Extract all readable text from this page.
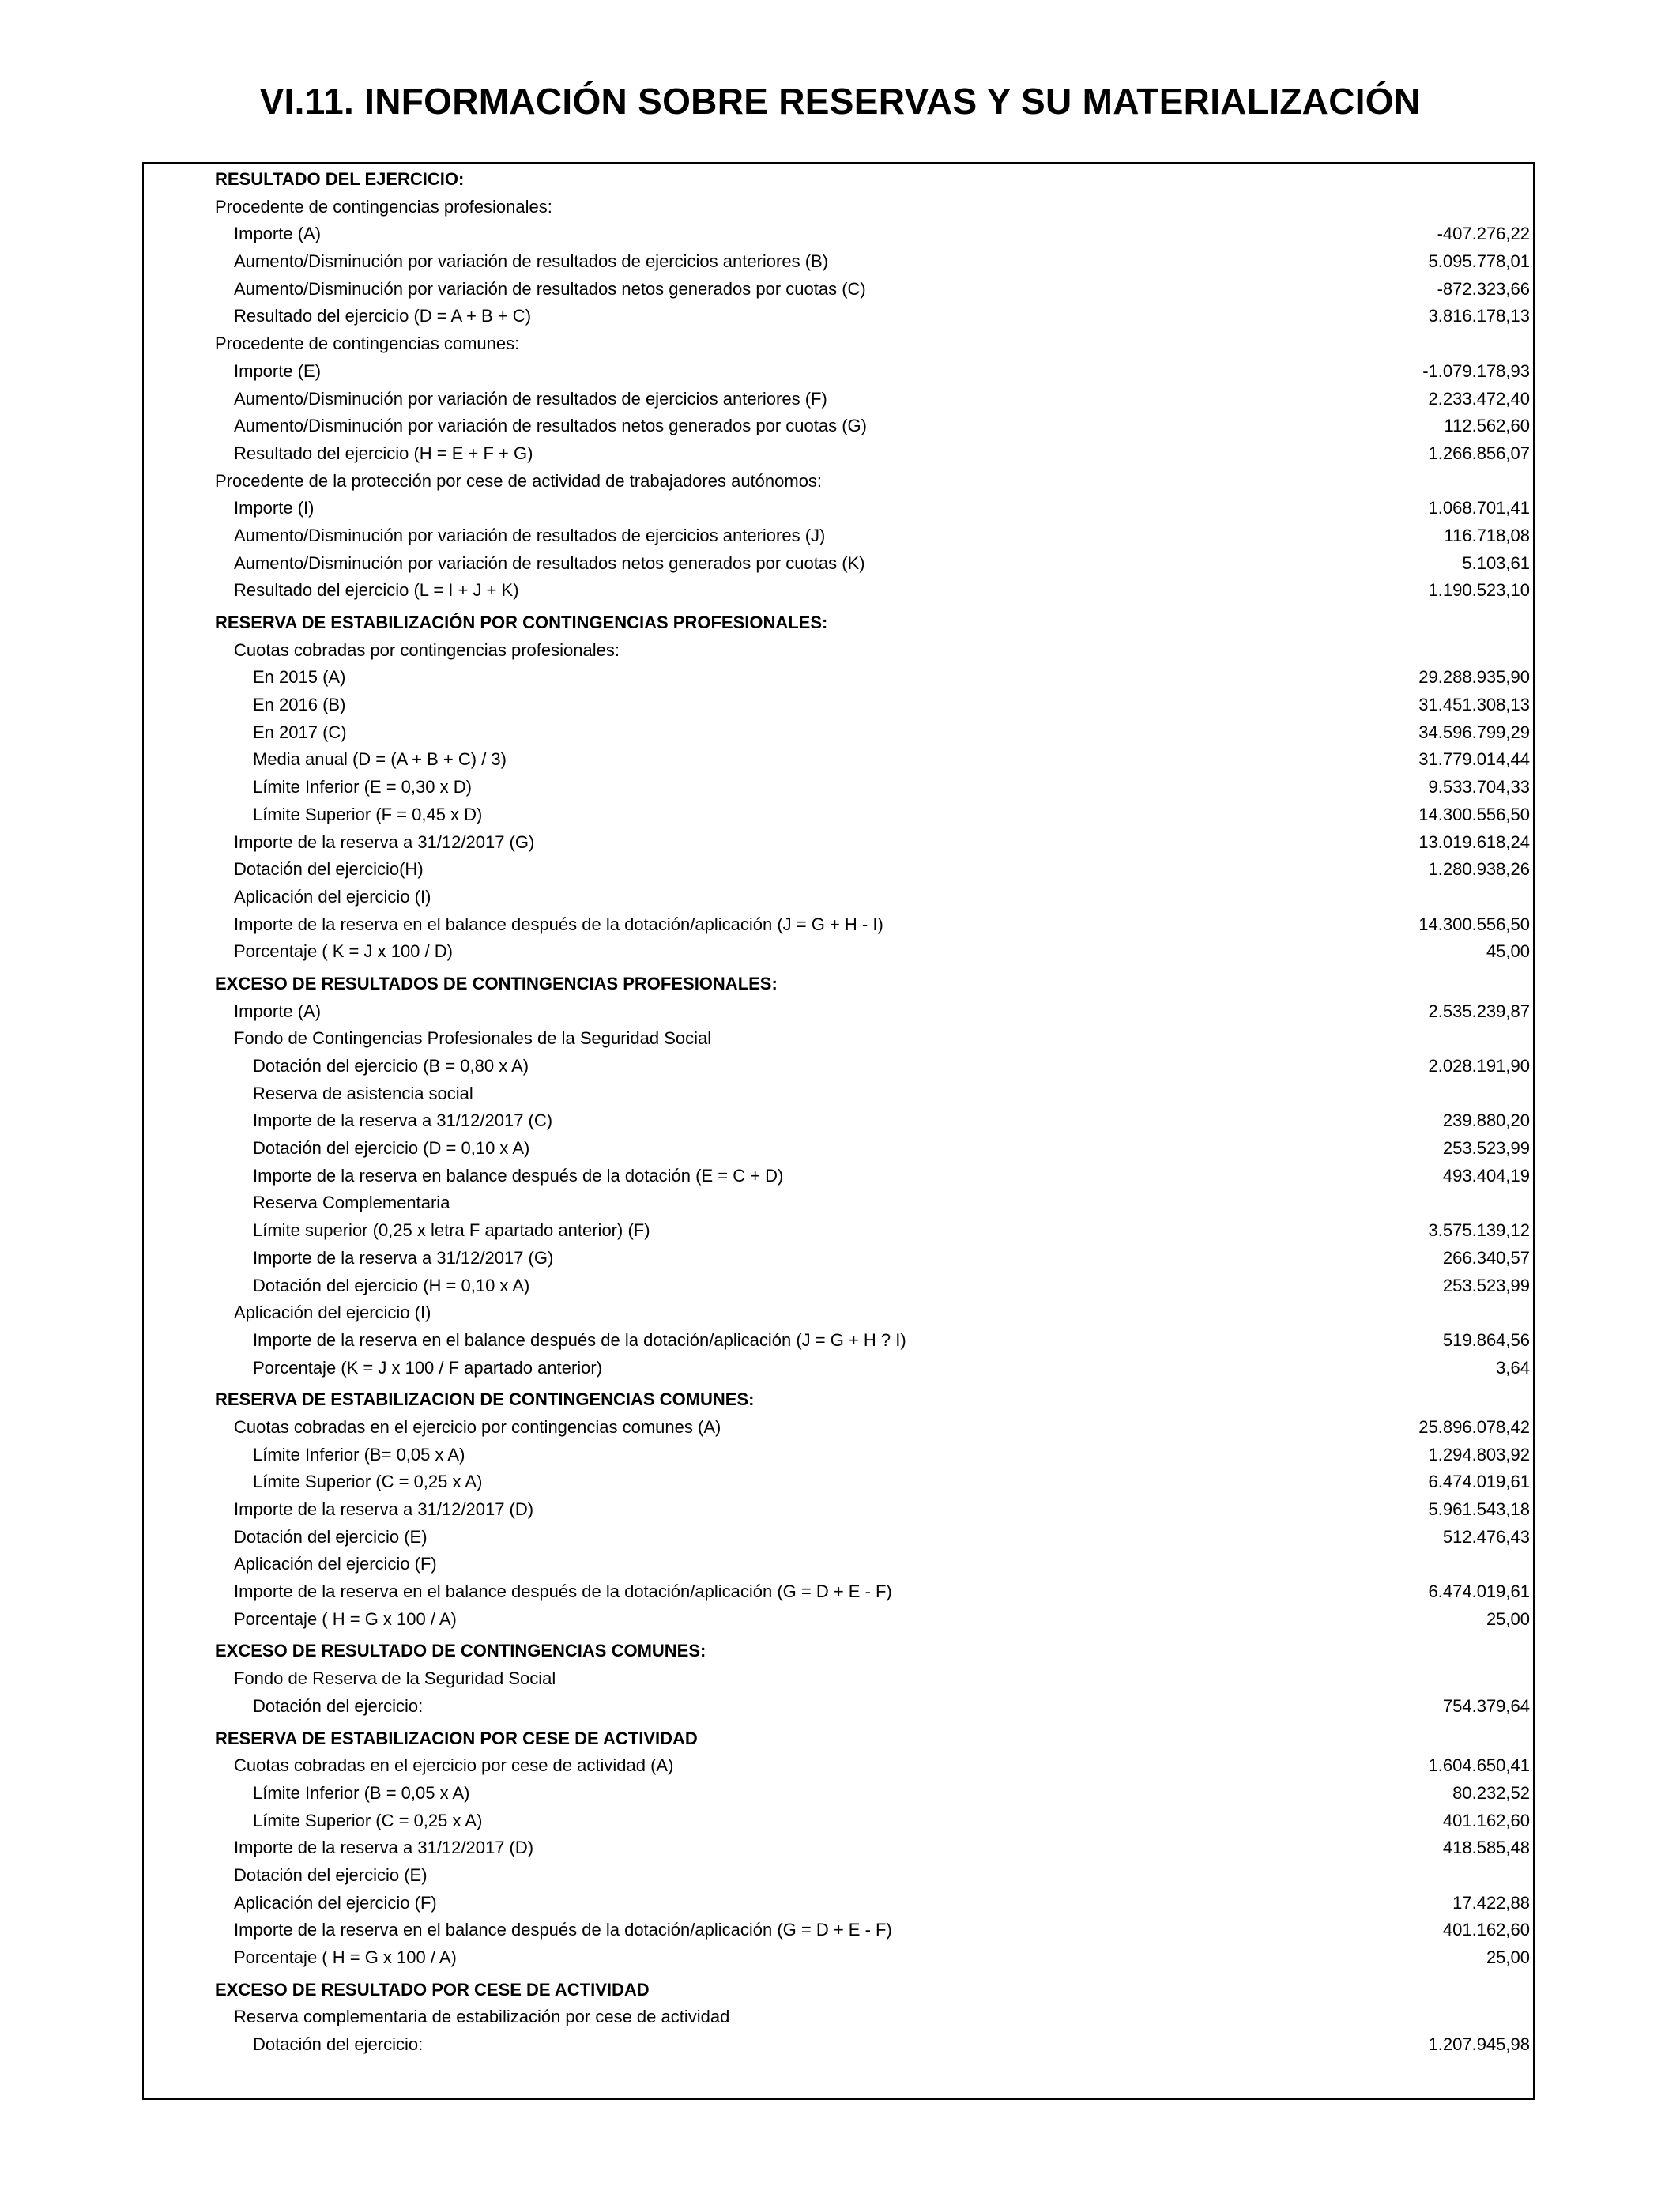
VI.11. INFORMACIÓN SOBRE RESERVAS Y SU MATERIALIZACIÓN
RESULTADO DEL EJERCICIO:
Procedente de contingencias profesionales:
Importe (A)	-407.276,22
Aumento/Disminución por variación de resultados de ejercicios anteriores (B)	5.095.778,01
Aumento/Disminución por variación de resultados netos generados por cuotas (C)	-872.323,66
Resultado del ejercicio (D = A + B + C)	3.816.178,13
Procedente de contingencias comunes:
Importe (E)	-1.079.178,93
Aumento/Disminución por variación de resultados de ejercicios anteriores (F)	2.233.472,40
Aumento/Disminución por variación de resultados netos generados por cuotas (G)	112.562,60
Resultado del ejercicio (H = E + F + G)	1.266.856,07
Procedente de la protección por cese de actividad de trabajadores autónomos:
Importe (I)	1.068.701,41
Aumento/Disminución por variación de resultados de ejercicios anteriores (J)	116.718,08
Aumento/Disminución por variación de resultados netos generados por cuotas (K)	5.103,61
Resultado del ejercicio (L = I + J + K)	1.190.523,10
RESERVA DE ESTABILIZACIÓN POR CONTINGENCIAS PROFESIONALES:
Cuotas cobradas por contingencias profesionales:
En 2015 (A)	29.288.935,90
En 2016 (B)	31.451.308,13
En 2017 (C)	34.596.799,29
Media anual (D = (A + B + C) / 3)	31.779.014,44
Límite Inferior (E = 0,30 x D)	9.533.704,33
Límite Superior (F = 0,45 x D)	14.300.556,50
Importe de la reserva a 31/12/2017 (G)	13.019.618,24
Dotación del ejercicio(H)	1.280.938,26
Aplicación del ejercicio (I)
Importe de la reserva en el balance después de la dotación/aplicación (J = G + H - I)	14.300.556,50
Porcentaje ( K = J x 100 / D)	45,00
EXCESO DE RESULTADOS DE CONTINGENCIAS PROFESIONALES:
Importe (A)	2.535.239,87
Fondo de Contingencias Profesionales de la Seguridad Social
Dotación del ejercicio (B = 0,80 x A)	2.028.191,90
Reserva de asistencia social
Importe de la reserva a 31/12/2017 (C)	239.880,20
Dotación del ejercicio (D = 0,10 x A)	253.523,99
Importe de la reserva en balance después de la dotación (E = C + D)	493.404,19
Reserva Complementaria
Límite superior (0,25 x letra F apartado anterior) (F)	3.575.139,12
Importe de la reserva a 31/12/2017 (G)	266.340,57
Dotación del ejercicio (H = 0,10 x A)	253.523,99
Aplicación del ejercicio (I)
Importe de la reserva en el balance después de la dotación/aplicación (J = G + H ? I)	519.864,56
Porcentaje (K = J x 100 / F apartado anterior)	3,64
RESERVA DE ESTABILIZACION DE CONTINGENCIAS COMUNES:
Cuotas cobradas en el ejercicio por contingencias comunes (A)	25.896.078,42
Límite Inferior (B= 0,05 x A)	1.294.803,92
Límite Superior (C = 0,25 x A)	6.474.019,61
Importe de la reserva a 31/12/2017 (D)	5.961.543,18
Dotación del ejercicio (E)	512.476,43
Aplicación del ejercicio (F)
Importe de la reserva en el balance después de la dotación/aplicación (G = D + E - F)	6.474.019,61
Porcentaje ( H = G x 100 / A)	25,00
EXCESO DE RESULTADO DE CONTINGENCIAS COMUNES:
Fondo de Reserva de la Seguridad Social
Dotación del ejercicio:	754.379,64
RESERVA DE ESTABILIZACION POR CESE DE ACTIVIDAD
Cuotas cobradas en el ejercicio por cese de actividad (A)	1.604.650,41
Límite Inferior (B = 0,05 x A)	80.232,52
Límite Superior (C = 0,25 x A)	401.162,60
Importe de la reserva a 31/12/2017 (D)	418.585,48
Dotación del ejercicio (E)
Aplicación del ejercicio (F)	17.422,88
Importe de la reserva en el balance después de la dotación/aplicación (G = D + E - F)	401.162,60
Porcentaje ( H = G x 100 / A)	25,00
EXCESO DE RESULTADO POR CESE DE ACTIVIDAD
Reserva complementaria de estabilización por cese de actividad
Dotación del ejercicio:	1.207.945,98
